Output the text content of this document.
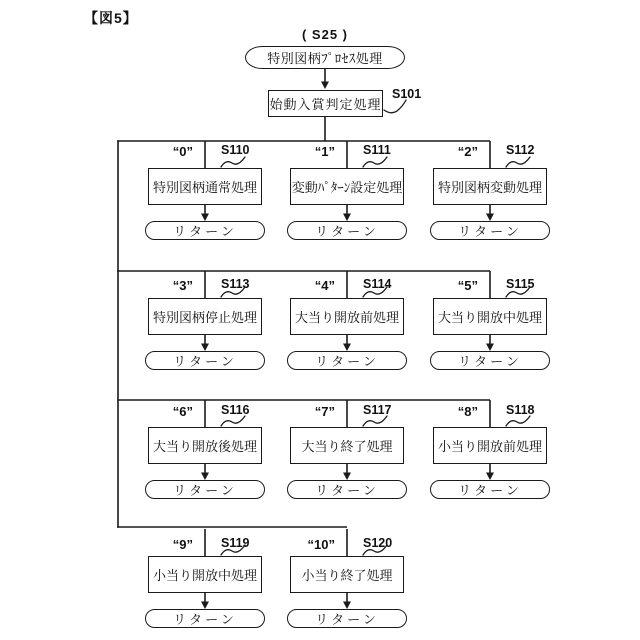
【図5】
( S25 )
特別図柄ﾌﾟﾛｾｽ処理
始動入賞判定処理
S101
“0” S110
特別図柄通常処理
リターン
“1” S111
変動ﾊﾟﾀｰﾝ設定処理
リターン
“2” S112
特別図柄変動処理
リターン
“3” S113
特別図柄停止処理
リターン
“4” S114
大当り開放前処理
リターン
“5” S115
大当り開放中処理
リターン
“6” S116
大当り開放後処理
リターン
“7” S117
大当り終了処理
リターン
“8” S118
小当り開放前処理
リターン
“9” S119
小当り開放中処理
リターン
“10” S120
小当り終了処理
リターン
